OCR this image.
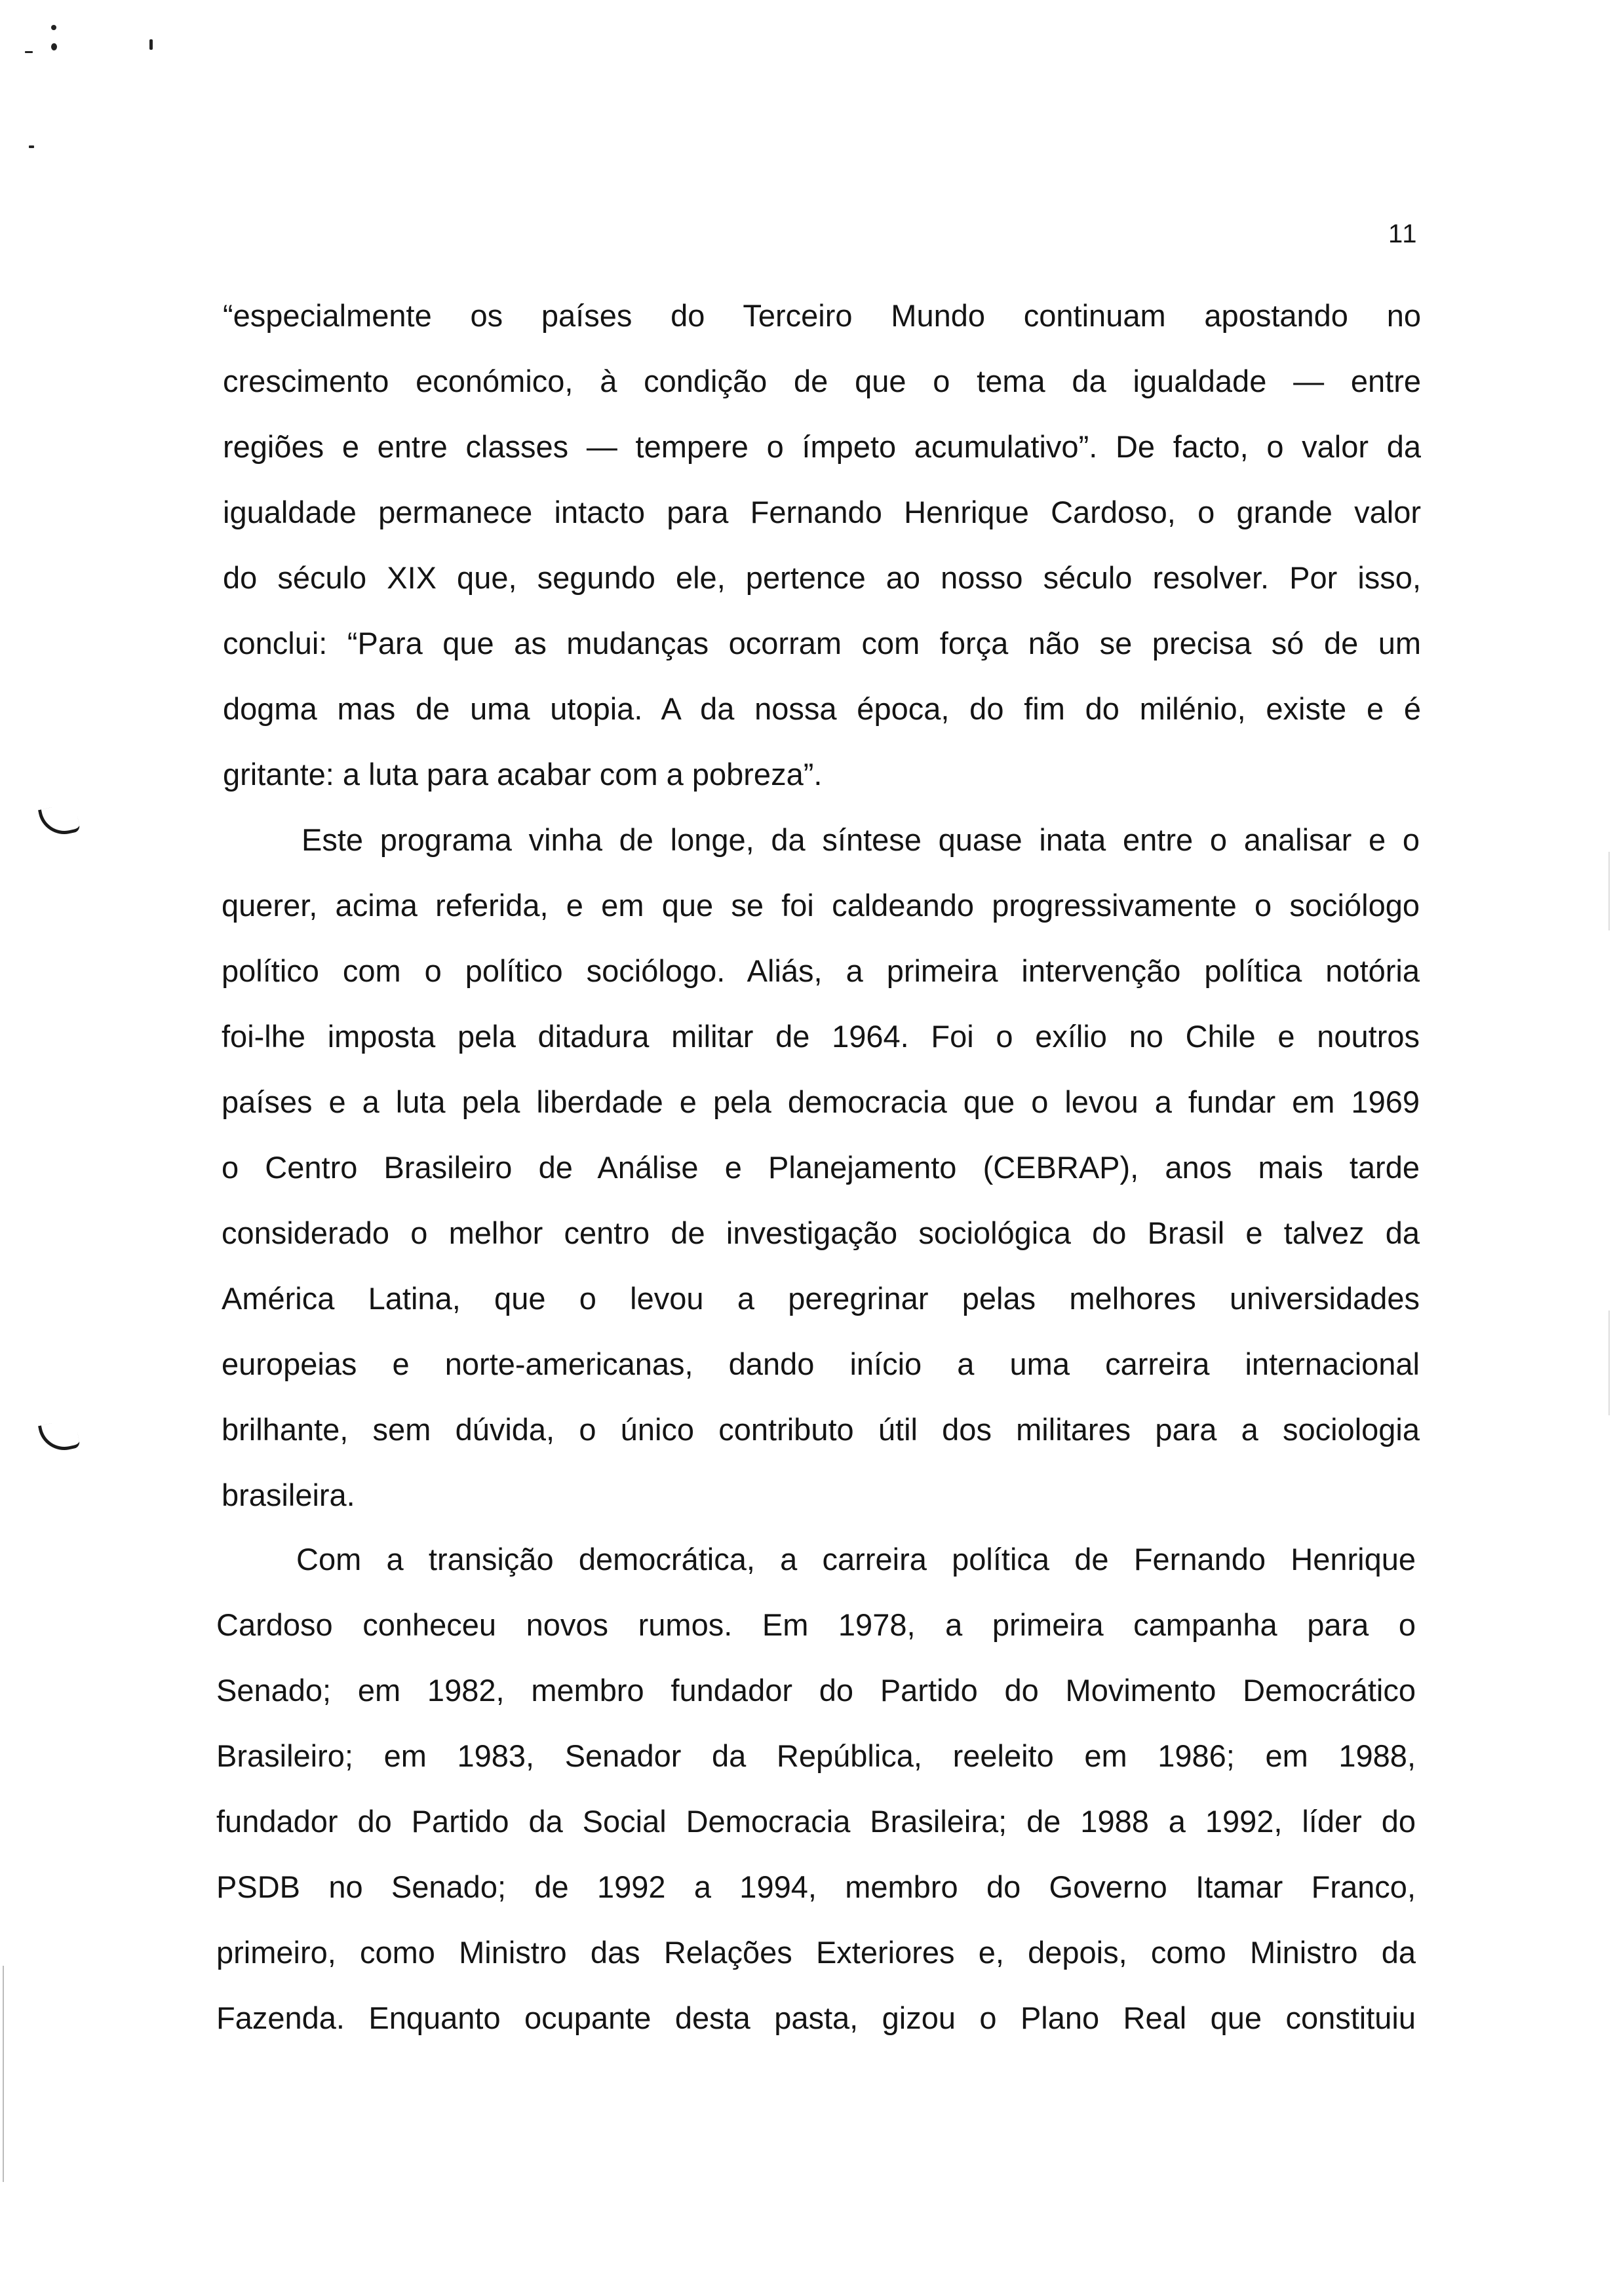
11
“especialmente os países do Terceiro Mundo continuam apostando no
crescimento económico, à condição de que o tema da igualdade — entre
regiões e entre classes — tempere o ímpeto acumulativo”. De facto, o valor da
igualdade permanece intacto para Fernando Henrique Cardoso, o grande valor
do século XIX que, segundo ele, pertence ao nosso século resolver. Por isso,
conclui: “Para que as mudanças ocorram com força não se precisa só de um
dogma mas de uma utopia. A da nossa época, do fim do milénio, existe e é
gritante: a luta para acabar com a pobreza”.
Este programa vinha de longe, da síntese quase inata entre o analisar e o
querer, acima referida, e em que se foi caldeando progressivamente o sociólogo
político com o político sociólogo. Aliás, a primeira intervenção política notória
foi-lhe imposta pela ditadura militar de 1964. Foi o exílio no Chile e noutros
países e a luta pela liberdade e pela democracia que o levou a fundar em 1969
o Centro Brasileiro de Análise e Planejamento (CEBRAP), anos mais tarde
considerado o melhor centro de investigação sociológica do Brasil e talvez da
América Latina, que o levou a peregrinar pelas melhores universidades
europeias e norte-americanas, dando início a uma carreira internacional
brilhante, sem dúvida, o único contributo útil dos militares para a sociologia
brasileira.
Com a transição democrática, a carreira política de Fernando Henrique
Cardoso conheceu novos rumos. Em 1978, a primeira campanha para o
Senado; em 1982, membro fundador do Partido do Movimento Democrático
Brasileiro; em 1983, Senador da República, reeleito em 1986; em 1988,
fundador do Partido da Social Democracia Brasileira; de 1988 a 1992, líder do
PSDB no Senado; de 1992 a 1994, membro do Governo Itamar Franco,
primeiro, como Ministro das Relações Exteriores e, depois, como Ministro da
Fazenda. Enquanto ocupante desta pasta, gizou o Plano Real que constituiu
